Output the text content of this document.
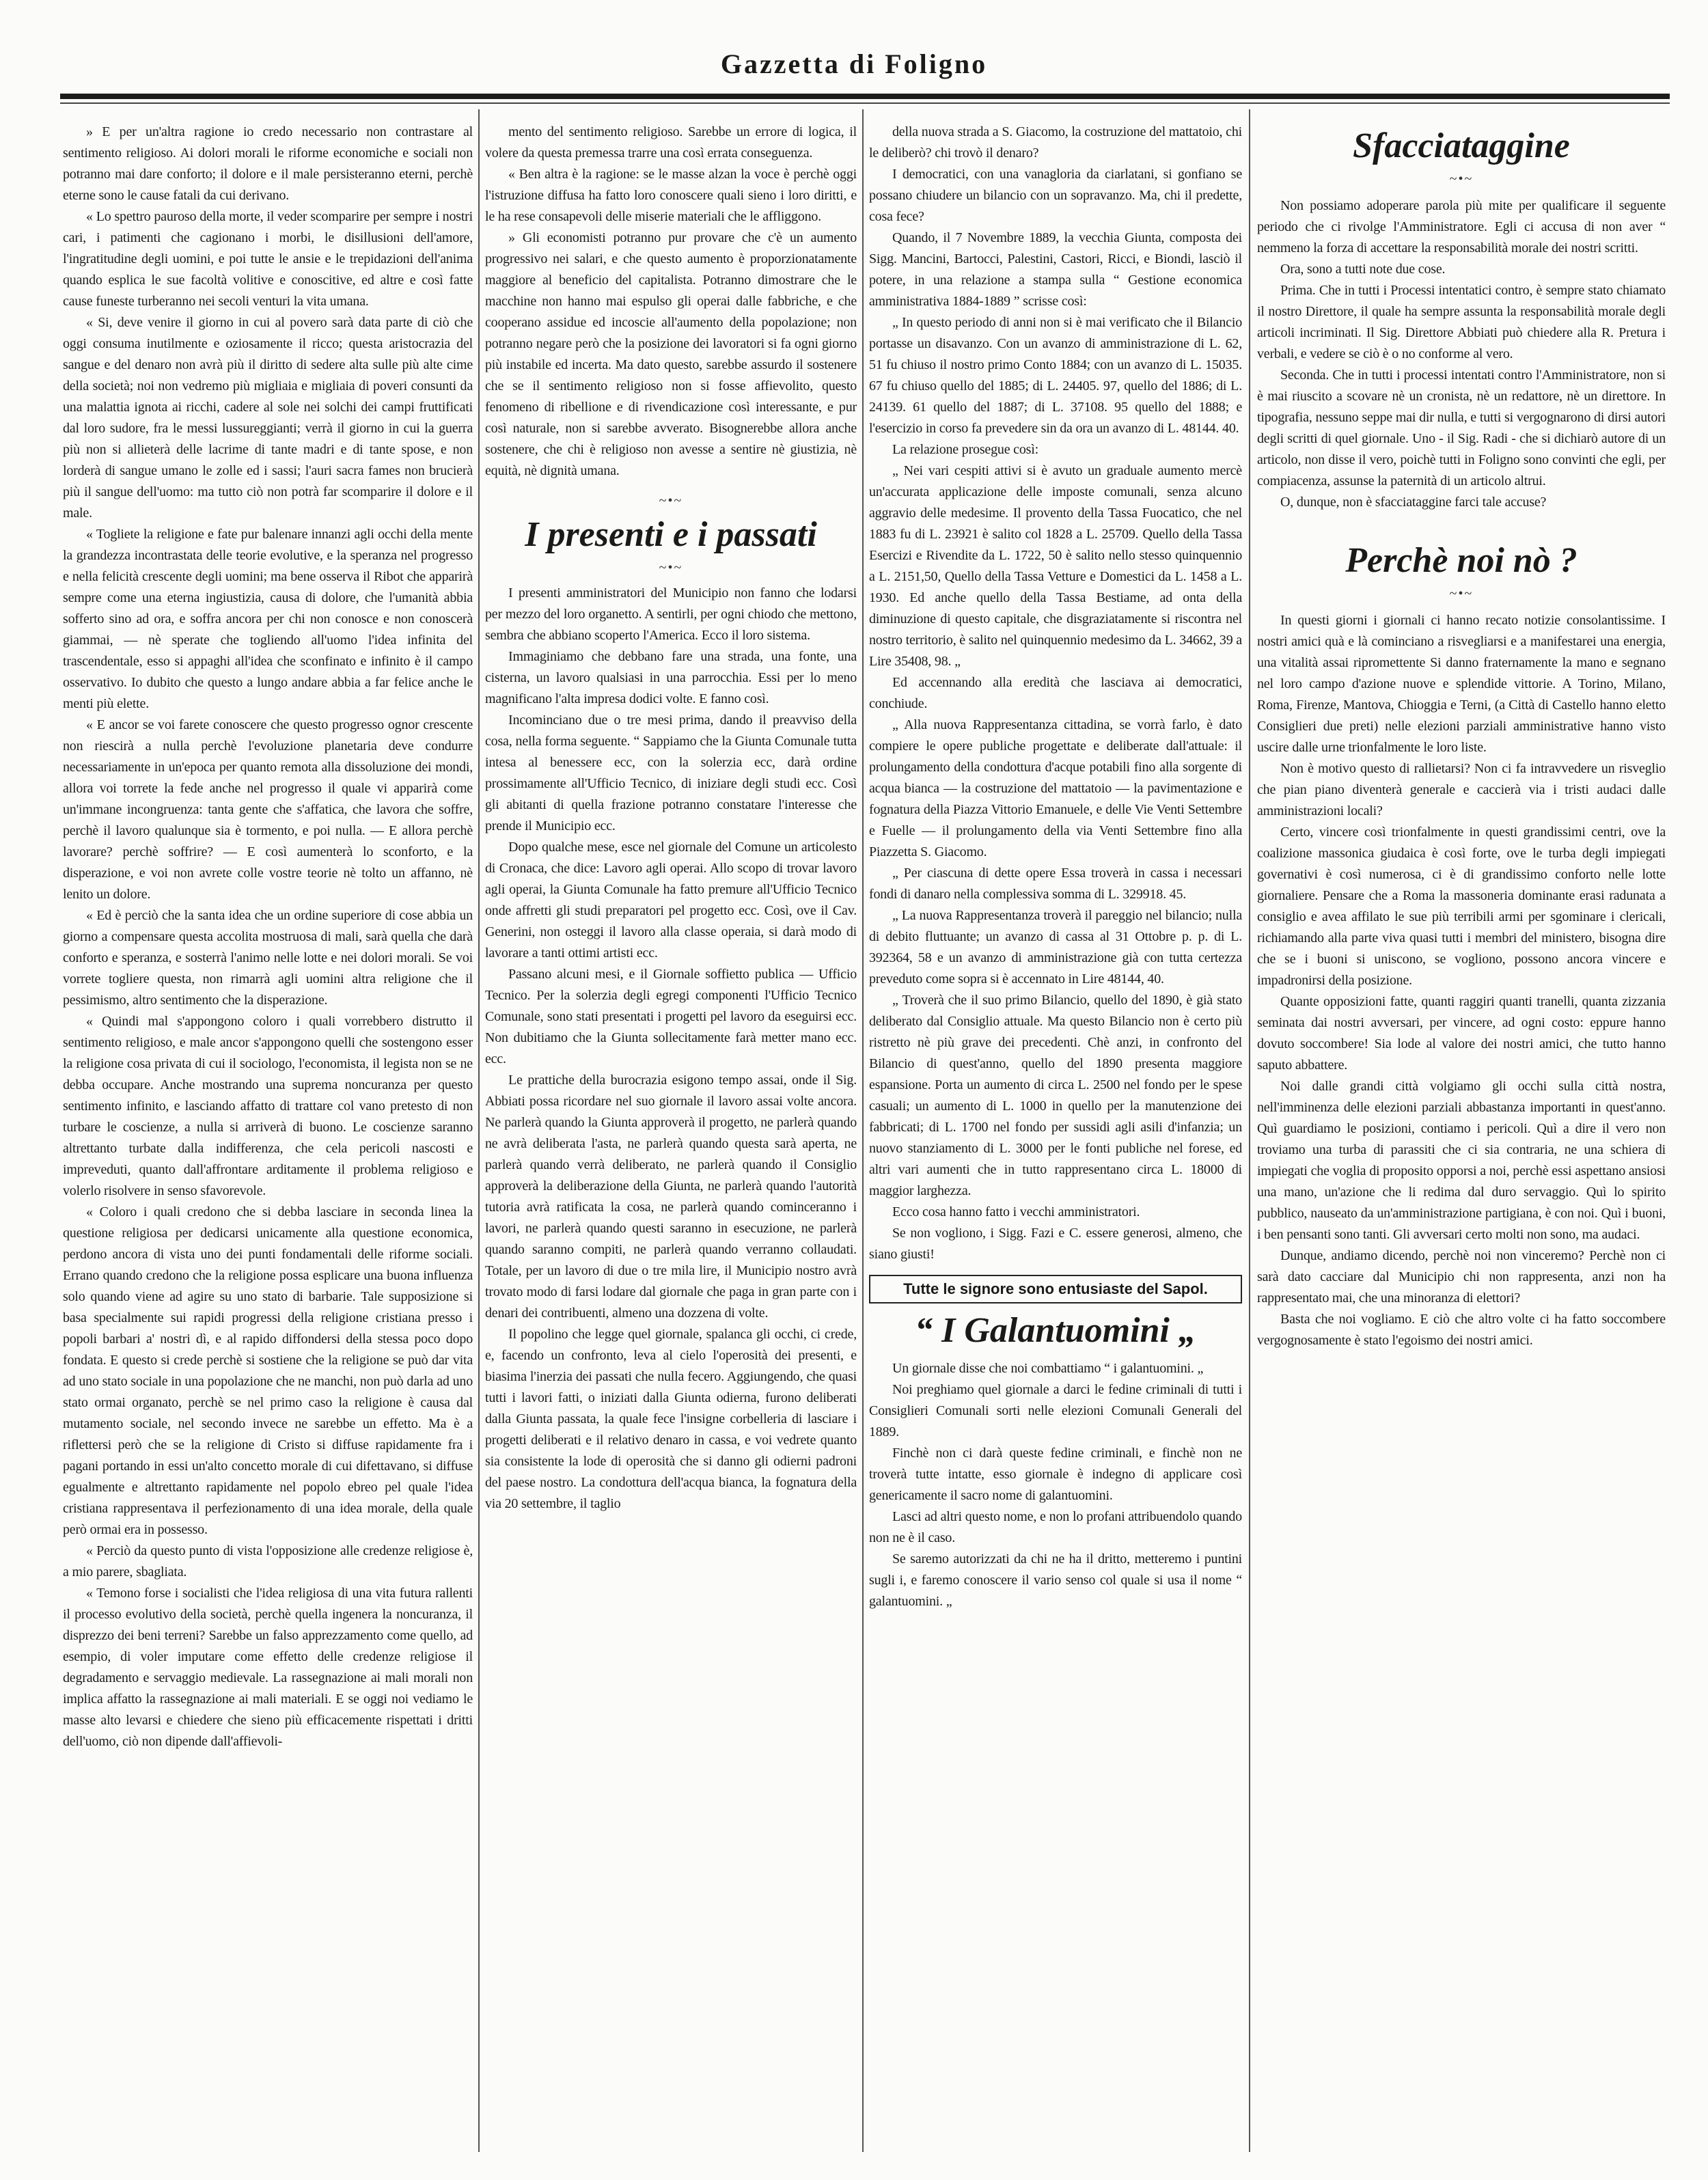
Gazzetta di Foligno

» E per un'altra ragione io credo necessario non contrastare al sentimento religioso. Ai dolori morali le riforme economiche e sociali non potranno mai dare conforto; il dolore e il male persisteranno eterni, perchè eterne sono le cause fatali da cui derivano.

« Lo spettro pauroso della morte, il veder scomparire per sempre i nostri cari, i patimenti che cagionano i morbi, le disillusioni dell'amore, l'ingratitudine degli uomini, e poi tutte le ansie e le trepidazioni dell'anima quando esplica le sue facoltà volitive e conoscitive, ed altre e così fatte cause funeste turberanno nei secoli venturi la vita umana.

« Si, deve venire il giorno in cui al povero sarà data parte di ciò che oggi consuma inutilmente e oziosamente il ricco; questa aristocrazia del sangue e del denaro non avrà più il diritto di sedere alta sulle più alte cime della società; noi non vedremo più migliaia e migliaia di poveri consunti da una malattia ignota ai ricchi, cadere al sole nei solchi dei campi fruttificati dal loro sudore, fra le messi lussureggianti; verrà il giorno in cui la guerra più non si allieterà delle lacrime di tante madri e di tante spose, e non lorderà di sangue umano le zolle ed i sassi; l'auri sacra fames non brucierà più il sangue dell'uomo: ma tutto ciò non potrà far scomparire il dolore e il male.

« Togliete la religione e fate pur balenare innanzi agli occhi della mente la grandezza incontrastata delle teorie evolutive, e la speranza nel progresso e nella felicità crescente degli uomini; ma bene osserva il Ribot che apparirà sempre come una eterna ingiustizia, causa di dolore, che l'umanità abbia sofferto sino ad ora, e soffra ancora per chi non conosce e non conoscerà giammai, — nè sperate che togliendo all'uomo l'idea infinita del trascendentale, esso si appaghi all'idea che sconfinato e infinito è il campo osservativo. Io dubito che questo a lungo andare abbia a far felice anche le menti più elette.

« E ancor se voi farete conoscere che questo progresso ognor crescente non riescirà a nulla perchè l'evoluzione planetaria deve condurre necessariamente in un'epoca per quanto remota alla dissoluzione dei mondi, allora voi torrete la fede anche nel progresso il quale vi apparirà come un'immane incongruenza: tanta gente che s'affatica, che lavora che soffre, perchè il lavoro qualunque sia è tormento, e poi nulla. — E allora perchè lavorare? perchè soffrire? — E così aumenterà lo sconforto, e la disperazione, e voi non avrete colle vostre teorie nè tolto un affanno, nè lenito un dolore.

« Ed è perciò che la santa idea che un ordine superiore di cose abbia un giorno a compensare questa accolita mostruosa di mali, sarà quella che darà conforto e speranza, e sosterrà l'animo nelle lotte e nei dolori morali. Se voi vorrete togliere questa, non rimarrà agli uomini altra religione che il pessimismo, altro sentimento che la disperazione.

« Quindi mal s'appongono coloro i quali vorrebbero distrutto il sentimento religioso, e male ancor s'appongono quelli che sostengono esser la religione cosa privata di cui il sociologo, l'economista, il legista non se ne debba occupare. Anche mostrando una suprema noncuranza per questo sentimento infinito, e lasciando affatto di trattare col vano pretesto di non turbare le coscienze, a nulla si arriverà di buono. Le coscienze saranno altrettanto turbate dalla indifferenza, che cela pericoli nascosti e impreveduti, quanto dall'affrontare arditamente il problema religioso e volerlo risolvere in senso sfavorevole.

« Coloro i quali credono che si debba lasciare in seconda linea la questione religiosa per dedicarsi unicamente alla questione economica, perdono ancora di vista uno dei punti fondamentali delle riforme sociali. Errano quando credono che la religione possa esplicare una buona influenza solo quando viene ad agire su uno stato di barbarie. Tale supposizione si basa specialmente sui rapidi progressi della religione cristiana presso i popoli barbari a' nostri dì, e al rapido diffondersi della stessa poco dopo fondata. E questo si crede perchè si sostiene che la religione se può dar vita ad uno stato sociale in una popolazione che ne manchi, non può darla ad uno stato ormai organato, perchè se nel primo caso la religione è causa dal mutamento sociale, nel secondo invece ne sarebbe un effetto. Ma è a riflettersi però che se la religione di Cristo si diffuse rapidamente fra i pagani portando in essi un'alto concetto morale di cui difettavano, si diffuse egualmente e altrettanto rapidamente nel popolo ebreo pel quale l'idea cristiana rappresentava il perfezionamento di una idea morale, della quale però ormai era in possesso.

« Perciò da questo punto di vista l'opposizione alle credenze religiose è, a mio parere, sbagliata.

« Temono forse i socialisti che l'idea religiosa di una vita futura rallenti il processo evolutivo della società, perchè quella ingenera la noncuranza, il disprezzo dei beni terreni? Sarebbe un falso apprezzamento come quello, ad esempio, di voler imputare come effetto delle credenze religiose il degradamento e servaggio medievale. La rassegnazione ai mali morali non implica affatto la rassegnazione ai mali materiali. E se oggi noi vediamo le masse alto levarsi e chiedere che sieno più efficacemente rispettati i dritti dell'uomo, ciò non dipende dall'affievoli-

mento del sentimento religioso. Sarebbe un errore di logica, il volere da questa premessa trarre una così errata conseguenza.

« Ben altra è la ragione: se le masse alzan la voce è perchè oggi l'istruzione diffusa ha fatto loro conoscere quali sieno i loro diritti, e le ha rese consapevoli delle miserie materiali che le affliggono.

» Gli economisti potranno pur provare che c'è un aumento progressivo nei salari, e che questo aumento è proporzionatamente maggiore al beneficio del capitalista. Potranno dimostrare che le macchine non hanno mai espulso gli operai dalle fabbriche, e che cooperano assidue ed incoscie all'aumento della popolazione; non potranno negare però che la posizione dei lavoratori si fa ogni giorno più instabile ed incerta. Ma dato questo, sarebbe assurdo il sostenere che se il sentimento religioso non si fosse affievolito, questo fenomeno di ribellione e di rivendicazione così interessante, e pur così naturale, non si sarebbe avverato. Bisognerebbe allora anche sostenere, che chi è religioso non avesse a sentire nè giustizia, nè equità, nè dignità umana.

~•~
I presenti e i passati
~•~

I presenti amministratori del Municipio non fanno che lodarsi per mezzo del loro organetto. A sentirli, per ogni chiodo che mettono, sembra che abbiano scoperto l'America. Ecco il loro sistema.

Immaginiamo che debbano fare una strada, una fonte, una cisterna, un lavoro qualsiasi in una parrocchia. Essi per lo meno magnificano l'alta impresa dodici volte. E fanno così.

Incominciano due o tre mesi prima, dando il preavviso della cosa, nella forma seguente. “ Sappiamo che la Giunta Comunale tutta intesa al benessere ecc, con la solerzia ecc, darà ordine prossimamente all'Ufficio Tecnico, di iniziare degli studi ecc. Così gli abitanti di quella frazione potranno constatare l'interesse che prende il Municipio ecc.

Dopo qualche mese, esce nel giornale del Comune un articolesto di Cronaca, che dice: Lavoro agli operai. Allo scopo di trovar lavoro agli operai, la Giunta Comunale ha fatto premure all'Ufficio Tecnico onde affretti gli studi preparatori pel progetto ecc. Così, ove il Cav. Generini, non osteggi il lavoro alla classe operaia, si darà modo di lavorare a tanti ottimi artisti ecc.

Passano alcuni mesi, e il Giornale soffietto publica — Ufficio Tecnico. Per la solerzia degli egregi componenti l'Ufficio Tecnico Comunale, sono stati presentati i progetti pel lavoro da eseguirsi ecc. Non dubitiamo che la Giunta sollecitamente farà metter mano ecc. ecc.

Le prattiche della burocrazia esigono tempo assai, onde il Sig. Abbiati possa ricordare nel suo giornale il lavoro assai volte ancora. Ne parlerà quando la Giunta approverà il progetto, ne parlerà quando ne avrà deliberata l'asta, ne parlerà quando questa sarà aperta, ne parlerà quando verrà deliberato, ne parlerà quando il Consiglio approverà la deliberazione della Giunta, ne parlerà quando l'autorità tutoria avrà ratificata la cosa, ne parlerà quando cominceranno i lavori, ne parlerà quando questi saranno in esecuzione, ne parlerà quando saranno compiti, ne parlerà quando verranno collaudati. Totale, per un lavoro di due o tre mila lire, il Municipio nostro avrà trovato modo di farsi lodare dal giornale che paga in gran parte con i denari dei contribuenti, almeno una dozzena di volte.

Il popolino che legge quel giornale, spalanca gli occhi, ci crede, e, facendo un confronto, leva al cielo l'operosità dei presenti, e biasima l'inerzia dei passati che nulla fecero. Aggiungendo, che quasi tutti i lavori fatti, o iniziati dalla Giunta odierna, furono deliberati dalla Giunta passata, la quale fece l'insigne corbelleria di lasciare i progetti deliberati e il relativo denaro in cassa, e voi vedrete quanto sia consistente la lode di operosità che si danno gli odierni padroni del paese nostro. La condottura dell'acqua bianca, la fognatura della via 20 settembre, il taglio

della nuova strada a S. Giacomo, la costruzione del mattatoio, chi le deliberò? chi trovò il denaro?

I democratici, con una vanagloria da ciarlatani, si gonfiano se possano chiudere un bilancio con un sopravanzo. Ma, chi il predette, cosa fece?

Quando, il 7 Novembre 1889, la vecchia Giunta, composta dei Sigg. Mancini, Bartocci, Palestini, Castori, Ricci, e Biondi, lasciò il potere, in una relazione a stampa sulla “ Gestione economica amministrativa 1884-1889 ” scrisse così:

„ In questo periodo di anni non si è mai verificato che il Bilancio portasse un disavanzo. Con un avanzo di amministrazione di L. 62, 51 fu chiuso il nostro primo Conto 1884; con un avanzo di L. 15035. 67 fu chiuso quello del 1885; di L. 24405. 97, quello del 1886; di L. 24139. 61 quello del 1887; di L. 37108. 95 quello del 1888; e l'esercizio in corso fa prevedere sin da ora un avanzo di L. 48144. 40.

La relazione prosegue così:

„ Nei vari cespiti attivi si è avuto un graduale aumento mercè un'accurata applicazione delle imposte comunali, senza alcuno aggravio delle medesime. Il provento della Tassa Fuocatico, che nel 1883 fu di L. 23921 è salito col 1828 a L. 25709. Quello della Tassa Esercizi e Rivendite da L. 1722, 50 è salito nello stesso quinquennio a L. 2151,50, Quello della Tassa Vetture e Domestici da L. 1458 a L. 1930. Ed anche quello della Tassa Bestiame, ad onta della diminuzione di questo capitale, che disgraziatamente si riscontra nel nostro territorio, è salito nel quinquennio medesimo da L. 34662, 39 a Lire 35408, 98. „

Ed accennando alla eredità che lasciava ai democratici, conchiude.

„ Alla nuova Rappresentanza cittadina, se vorrà farlo, è dato compiere le opere publiche progettate e deliberate dall'attuale: il prolungamento della condottura d'acque potabili fino alla sorgente di acqua bianca — la costruzione del mattatoio — la pavimentazione e fognatura della Piazza Vittorio Emanuele, e delle Vie Venti Settembre e Fuelle — il prolungamento della via Venti Settembre fino alla Piazzetta S. Giacomo.

„ Per ciascuna di dette opere Essa troverà in cassa i necessari fondi di danaro nella complessiva somma di L. 329918. 45.

„ La nuova Rappresentanza troverà il pareggio nel bilancio; nulla di debito fluttuante; un avanzo di cassa al 31 Ottobre p. p. di L. 392364, 58 e un avanzo di amministrazione già con tutta certezza preveduto come sopra si è accennato in Lire 48144, 40.

„ Troverà che il suo primo Bilancio, quello del 1890, è già stato deliberato dal Consiglio attuale. Ma questo Bilancio non è certo più ristretto nè più grave dei precedenti. Chè anzi, in confronto del Bilancio di quest'anno, quello del 1890 presenta maggiore espansione. Porta un aumento di circa L. 2500 nel fondo per le spese casuali; un aumento di L. 1000 in quello per la manutenzione dei fabbricati; di L. 1700 nel fondo per sussidi agli asili d'infanzia; un nuovo stanziamento di L. 3000 per le fonti publiche nel forese, ed altri vari aumenti che in tutto rappresentano circa L. 18000 di maggior larghezza.

Ecco cosa hanno fatto i vecchi amministratori.

Se non vogliono, i Sigg. Fazi e C. essere generosi, almeno, che siano giusti!

Tutte le signore sono entusiaste del Sapol.
“ I Galantuomini „

Un giornale disse che noi combattiamo “ i galantuomini. „

Noi preghiamo quel giornale a darci le fedine criminali di tutti i Consiglieri Comunali sorti nelle elezioni Comunali Generali del 1889.

Finchè non ci darà queste fedine criminali, e finchè non ne troverà tutte intatte, esso giornale è indegno di applicare così genericamente il sacro nome di galantuomini.

Lasci ad altri questo nome, e non lo profani attribuendolo quando non ne è il caso.

Se saremo autorizzati da chi ne ha il dritto, metteremo i puntini sugli i, e faremo conoscere il vario senso col quale si usa il nome “ galantuomini. „

Sfacciataggine
~•~

Non possiamo adoperare parola più mite per qualificare il seguente periodo che ci rivolge l'Amministratore. Egli ci accusa di non aver “ nemmeno la forza di accettare la responsabilità morale dei nostri scritti.

Ora, sono a tutti note due cose.

Prima. Che in tutti i Processi intentatici contro, è sempre stato chiamato il nostro Direttore, il quale ha sempre assunta la responsabilità morale degli articoli incriminati. Il Sig. Direttore Abbiati può chiedere alla R. Pretura i verbali, e vedere se ciò è o no conforme al vero.

Seconda. Che in tutti i processi intentati contro l'Amministratore, non si è mai riuscito a scovare nè un cronista, nè un redattore, nè un direttore. In tipografia, nessuno seppe mai dir nulla, e tutti si vergognarono di dirsi autori degli scritti di quel giornale. Uno - il Sig. Radi - che si dichiarò autore di un articolo, non disse il vero, poichè tutti in Foligno sono convinti che egli, per compiacenza, assunse la paternità di un articolo altrui.

O, dunque, non è sfacciataggine farci tale accuse?

Perchè noi nò ?
~•~

In questi giorni i giornali ci hanno recato notizie consolantissime. I nostri amici quà e là cominciano a risvegliarsi e a manifestarei una energia, una vitalità assai ripromettente Si danno fraternamente la mano e segnano nel loro campo d'azione nuove e splendide vittorie. A Torino, Milano, Roma, Firenze, Mantova, Chioggia e Terni, (a Città di Castello hanno eletto Consiglieri due preti) nelle elezioni parziali amministrative hanno visto uscire dalle urne trionfalmente le loro liste.

Non è motivo questo di rallietarsi? Non ci fa intravvedere un risveglio che pian piano diventerà generale e caccierà via i tristi audaci dalle amministrazioni locali?

Certo, vincere così trionfalmente in questi grandissimi centri, ove la coalizione massonica giudaica è così forte, ove le turba degli impiegati governativi è così numerosa, ci è di grandissimo conforto nelle lotte giornaliere. Pensare che a Roma la massoneria dominante erasi radunata a consiglio e avea affilato le sue più terribili armi per sgominare i clericali, richiamando alla parte viva quasi tutti i membri del ministero, bisogna dire che se i buoni si uniscono, se vogliono, possono ancora vincere e impadronirsi della posizione.

Quante opposizioni fatte, quanti raggiri quanti tranelli, quanta zizzania seminata dai nostri avversari, per vincere, ad ogni costo: eppure hanno dovuto soccombere! Sia lode al valore dei nostri amici, che tutto hanno saputo abbattere.

Noi dalle grandi città volgiamo gli occhi sulla città nostra, nell'imminenza delle elezioni parziali abbastanza importanti in quest'anno. Quì guardiamo le posizioni, contiamo i pericoli. Quì a dire il vero non troviamo una turba di parassiti che ci sia contraria, ne una schiera di impiegati che voglia di proposito opporsi a noi, perchè essi aspettano ansiosi una mano, un'azione che li redima dal duro servaggio. Quì lo spirito pubblico, nauseato da un'amministrazione partigiana, è con noi. Quì i buoni, i ben pensanti sono tanti. Gli avversari certo molti non sono, ma audaci.

Dunque, andiamo dicendo, perchè noi non vinceremo? Perchè non ci sarà dato cacciare dal Municipio chi non rappresenta, anzi non ha rappresentato mai, che una minoranza di elettori?

Basta che noi vogliamo. E ciò che altro volte ci ha fatto soccombere vergognosamente è stato l'egoismo dei nostri amici.
